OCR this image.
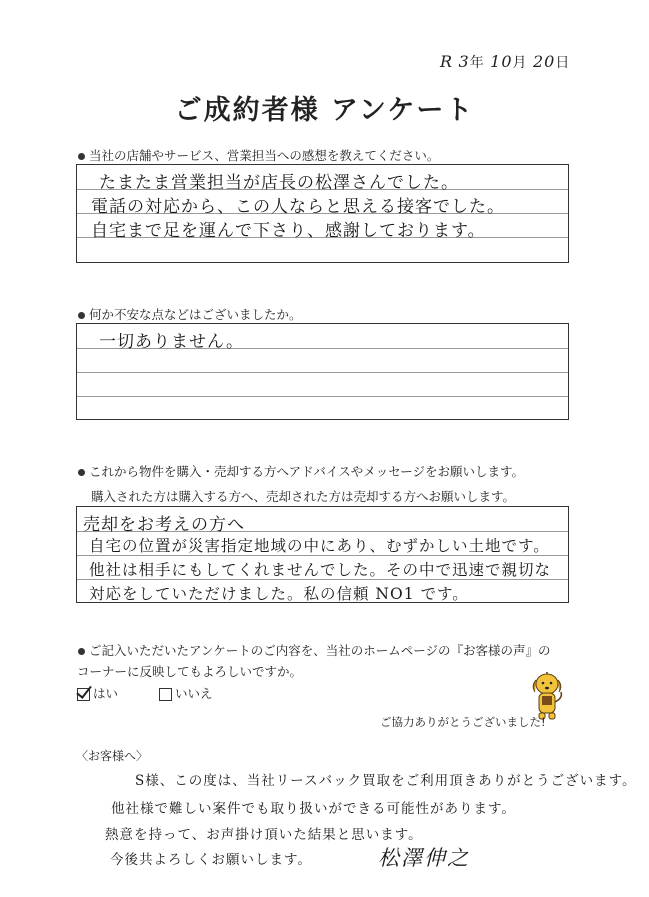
R 3年 10月 20日
ご成約者様 アンケート
当社の店舗やサービス、営業担当への感想を教えてください。
たまたま営業担当が店長の松澤さんでした。
電話の対応から、この人ならと思える接客でした。
自宅まで足を運んで下さり、感謝しております。
何か不安な点などはございましたか。
一切ありません。
これから物件を購入・売却する方へアドバイスやメッセージをお願いします。
購入された方は購入する方へ、売却された方は売却する方へお願いします。
売却をお考えの方へ
自宅の位置が災害指定地域の中にあり、むずかしい土地です。
他社は相手にもしてくれませんでした。その中で迅速で親切な
対応をしていただけました。私の信頼 NO1 です。
ご記入いただいたアンケートのご内容を、当社のホームページの『お客様の声』の
コーナーに反映してもよろしいですか。
はい	いいえ
ご協力ありがとうございました!
〈お客様へ〉
S様、この度は、当社リースバック買取をご利用頂きありがとうございます。
他社様で難しい案件でも取り扱いができる可能性があります。
熱意を持って、お声掛け頂いた結果と思います。
今後共よろしくお願いします。	松澤伸之
